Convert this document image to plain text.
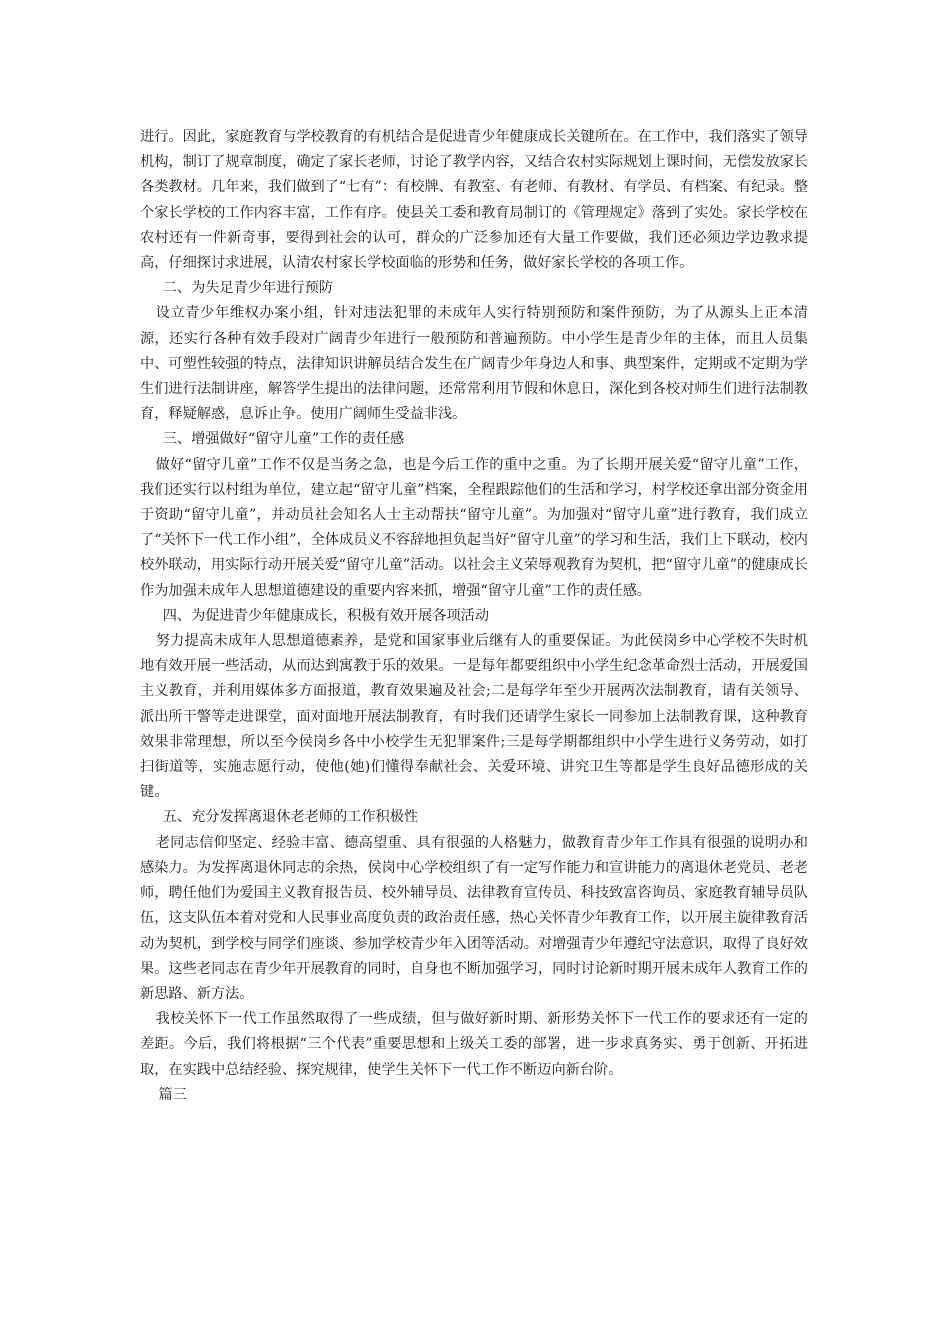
进行。因此，家庭教育与学校教育的有机结合是促进青少年健康成长关键所在。在工作中，我们落实了领导机构，制订了规章制度，确定了家长老师，讨论了教学内容，又结合农村实际规划上课时间，无偿发放家长各类教材。几年来，我们做到了“七有”：有校牌、有教室、有老师、有教材、有学员、有档案、有纪录。整个家长学校的工作内容丰富，工作有序。使县关工委和教育局制订的《管理规定》落到了实处。家长学校在农村还有一件新奇事，要得到社会的认可，群众的广泛参加还有大量工作要做，我们还必须边学边教求提高，仔细探讨求进展，认清农村家长学校面临的形势和任务，做好家长学校的各项工作。

二、为失足青少年进行预防

设立青少年维权办案小组，针对违法犯罪的未成年人实行特别预防和案件预防，为了从源头上正本清源，还实行各种有效手段对广阔青少年进行一般预防和普遍预防。中小学生是青少年的主体，而且人员集中、可塑性较强的特点，法律知识讲解员结合发生在广阔青少年身边人和事、典型案件，定期或不定期为学生们进行法制讲座，解答学生提出的法律问题，还常常利用节假和休息日，深化到各校对师生们进行法制教育，释疑解惑，息诉止争。使用广阔师生受益非浅。

三、增强做好“留守儿童”工作的责任感

做好“留守儿童”工作不仅是当务之急，也是今后工作的重中之重。为了长期开展关爱“留守儿童”工作，我们还实行以村组为单位，建立起“留守儿童”档案，全程跟踪他们的生活和学习，村学校还拿出部分资金用于资助“留守儿童”，并动员社会知名人士主动帮扶“留守儿童”。为加强对“留守儿童”进行教育，我们成立了“关怀下一代工作小组”，全体成员义不容辞地担负起当好“留守儿童”的学习和生活，我们上下联动，校内校外联动，用实际行动开展关爱“留守儿童”活动。以社会主义荣辱观教育为契机，把“留守儿童”的健康成长作为加强未成年人思想道德建设的重要内容来抓，增强“留守儿童”工作的责任感。

四、为促进青少年健康成长，积极有效开展各项活动

努力提高未成年人思想道德素养，是党和国家事业后继有人的重要保证。为此侯岗乡中心学校不失时机地有效开展一些活动，从而达到寓教于乐的效果。一是每年都要组织中小学生纪念革命烈士活动，开展爱国主义教育，并利用媒体多方面报道，教育效果遍及社会;二是每学年至少开展两次法制教育，请有关领导、派出所干警等走进课堂，面对面地开展法制教育，有时我们还请学生家长一同参加上法制教育课，这种教育效果非常理想，所以至今侯岗乡各中小校学生无犯罪案件;三是每学期都组织中小学生进行义务劳动，如打扫街道等，实施志愿行动，使他(她)们懂得奉献社会、关爱环境、讲究卫生等都是学生良好品德形成的关键。

五、充分发挥离退休老老师的工作积极性

老同志信仰坚定、经验丰富、德高望重、具有很强的人格魅力，做教育青少年工作具有很强的说明办和感染力。为发挥离退休同志的余热，侯岗中心学校组织了有一定写作能力和宣讲能力的离退休老党员、老老师，聘任他们为爱国主义教育报告员、校外辅导员、法律教育宣传员、科技致富咨询员、家庭教育辅导员队伍，这支队伍本着对党和人民事业高度负责的政治责任感，热心关怀青少年教育工作，以开展主旋律教育活动为契机，到学校与同学们座谈、参加学校青少年入团等活动。对增强青少年遵纪守法意识，取得了良好效果。这些老同志在青少年开展教育的同时，自身也不断加强学习，同时讨论新时期开展未成年人教育工作的新思路、新方法。

我校关怀下一代工作虽然取得了一些成绩，但与做好新时期、新形势关怀下一代工作的要求还有一定的差距。今后，我们将根据“三个代表”重要思想和上级关工委的部署，进一步求真务实、勇于创新、开拓进取，在实践中总结经验、探究规律，使学生关怀下一代工作不断迈向新台阶。

篇三
